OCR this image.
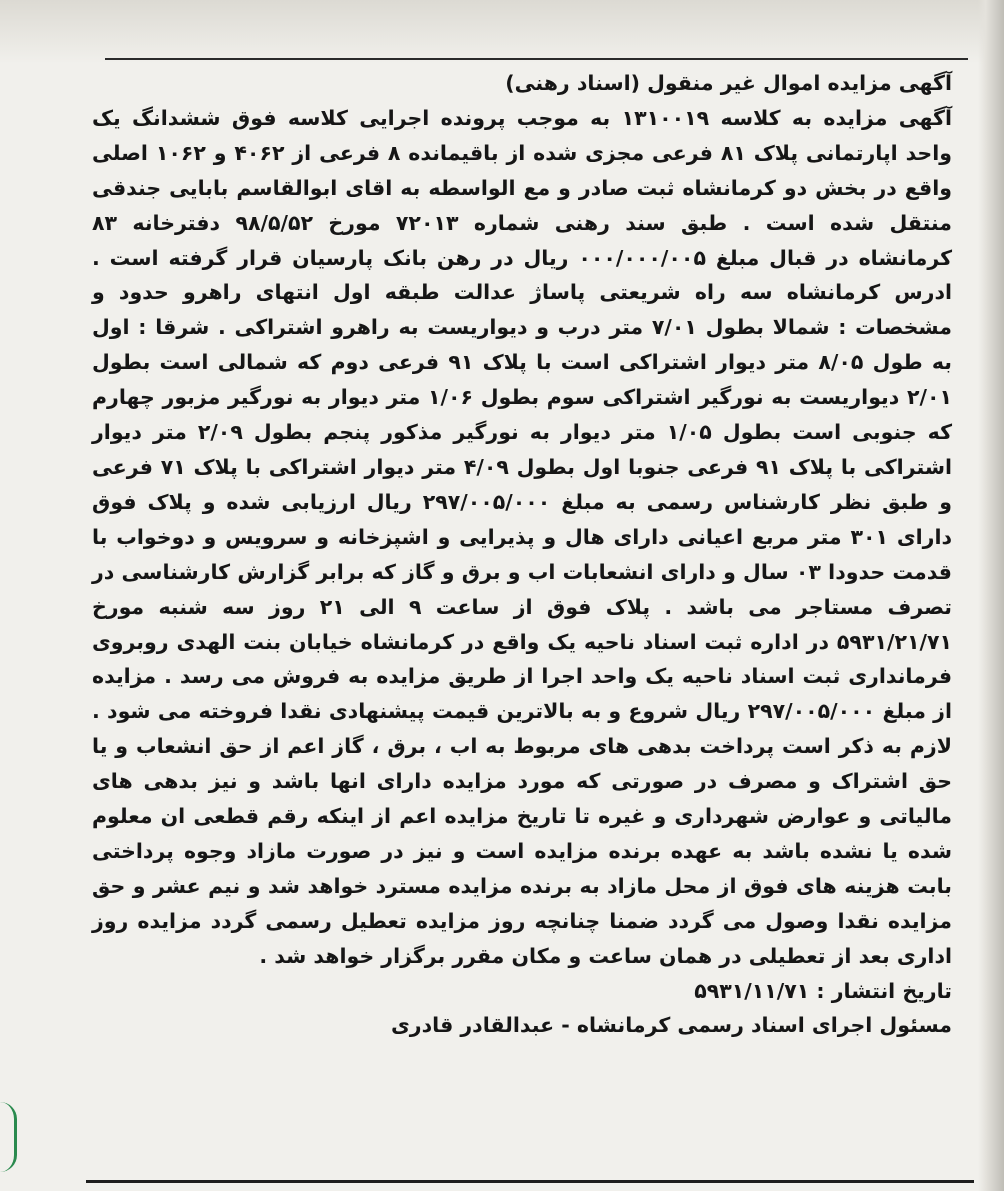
آگهی مزایده اموال غیر منقول (اسناد رهنی)

آگهی مزایده به کلاسه ۱۳۱۰۰۱۹ به موجب پرونده اجرایی کلاسه فوق ششدانگ یک واحد اپارتمانی پلاک ۸۱ فرعی مجزی شده از باقیمانده ۸ فرعی از ۴۰۶۲ و ۱۰۶۲ اصلی واقع در بخش دو کرمانشاه ثبت صادر و مع الواسطه به اقای ابوالقاسم بابایی جندقی منتقل شده است . طبق سند رهنی شماره ۷۲۰۱۳ مورخ ۹۸/۵/۵۲ دفترخانه ۸۳ کرمانشاه در قبال مبلغ ۰۰۰/۰۰۰/۰۰۵ ریال در رهن بانک پارسیان قرار گرفته است . ادرس کرمانشاه سه راه شریعتی پاساژ عدالت طبقه اول انتهای راهرو حدود و مشخصات : شمالا بطول ۷/۰۱ متر درب و دیواریست به راهرو اشتراکی . شرقا : اول به طول ۸/۰۵ متر دیوار اشتراکی است با پلاک ۹۱ فرعی دوم که شمالی است بطول ۲/۰۱ دیواریست به نورگیر اشتراکی سوم بطول ۱/۰۶ متر دیوار به نورگیر مزبور چهارم که جنوبی است بطول ۱/۰۵ متر دیوار به نورگیر مذکور پنجم بطول ۲/۰۹ متر دیوار اشتراکی با پلاک ۹۱ فرعی جنوبا اول بطول ۴/۰۹ متر دیوار اشتراکی با پلاک ۷۱ فرعی و طبق نظر کارشناس رسمی به مبلغ ۲۹۷/۰۰۵/۰۰۰ ریال ارزیابی شده و پلاک فوق دارای ۳۰۱ متر مربع اعیانی دارای هال و پذیرایی و اشپزخانه و سرویس و دوخواب با قدمت حدودا ۰۳ سال و دارای انشعابات اب و برق و گاز که برابر گزارش کارشناسی در تصرف مستاجر می باشد . پلاک فوق از ساعت ۹ الی ۲۱ روز سه شنبه مورخ ۵۹۳۱/۲۱/۷۱ در اداره ثبت اسناد ناحیه یک واقع در کرمانشاه خیابان بنت الهدی روبروی فرمانداری ثبت اسناد ناحیه یک واحد اجرا از طریق مزایده به فروش می رسد . مزایده از مبلغ ۲۹۷/۰۰۵/۰۰۰ ریال شروع و به بالاترین قیمت پیشنهادی نقدا فروخته می شود . لازم به ذکر است پرداخت بدهی های مربوط به اب ، برق ، گاز اعم از حق انشعاب و یا حق اشتراک و مصرف در صورتی که مورد مزایده دارای انها باشد و نیز بدهی های مالیاتی و عوارض شهرداری و غیره تا تاریخ مزایده اعم از اینکه رقم قطعی ان معلوم شده یا نشده باشد به عهده برنده مزایده است و نیز در صورت مازاد وجوه پرداختی بابت هزینه های فوق از محل مازاد به برنده مزایده مسترد خواهد شد و نیم عشر و حق مزایده نقدا وصول می گردد ضمنا چنانچه روز مزایده تعطیل رسمی گردد مزایده روز اداری بعد از تعطیلی در همان ساعت و مکان مقرر برگزار خواهد شد .

تاریخ انتشار : ۵۹۳۱/۱۱/۷۱

مسئول اجرای اسناد رسمی کرمانشاه - عبدالقادر قادری
